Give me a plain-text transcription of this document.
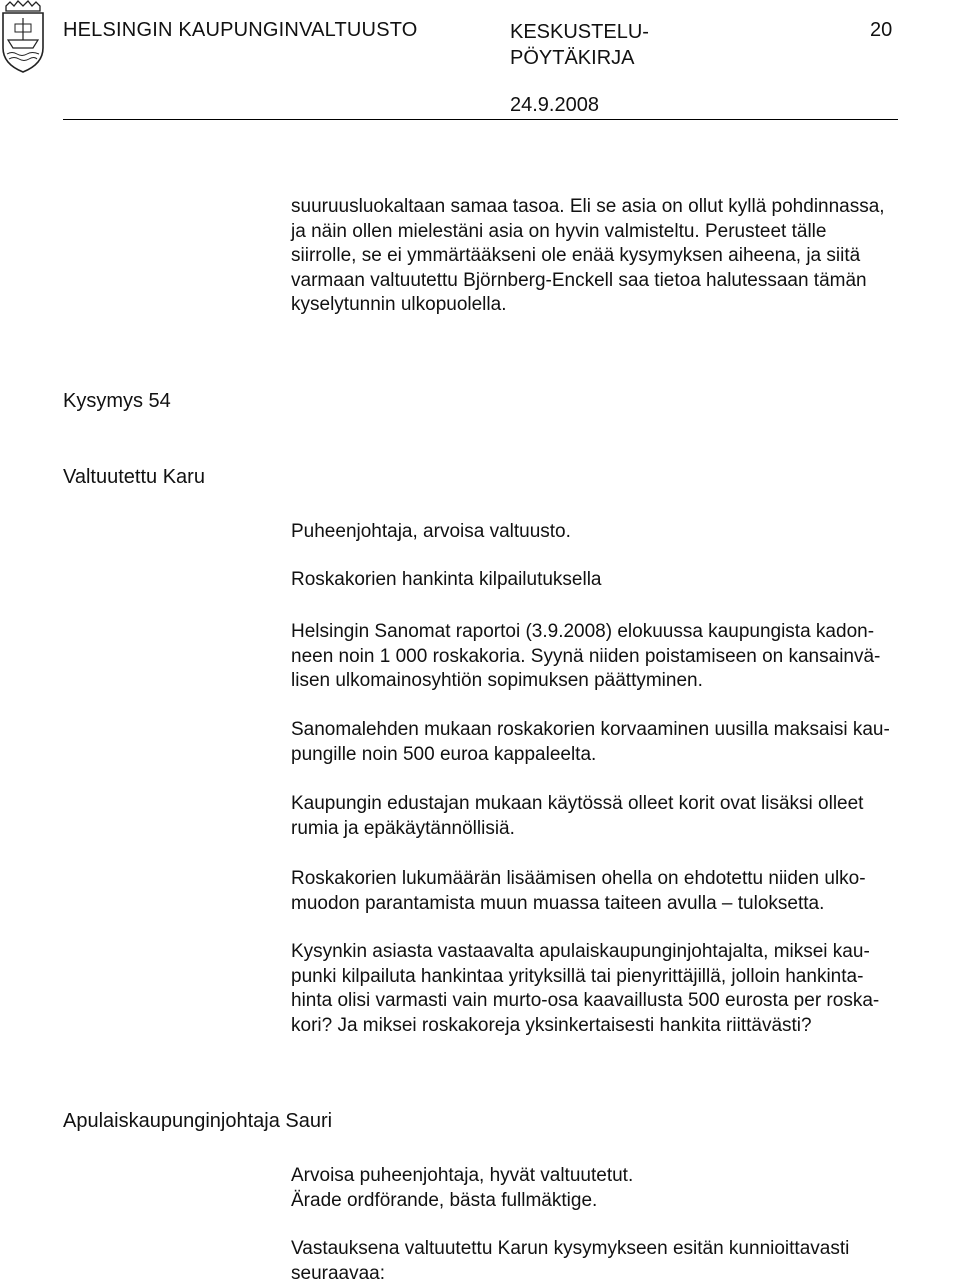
HELSINGIN KAUPUNGINVALTUUSTO	KESKUSTELU-
PÖYTÄKIRJA
20
24.9.2008
suuruusluokaltaan samaa tasoa. Eli se asia on ollut kyllä pohdinnassa,
ja näin ollen mielestäni asia on hyvin valmisteltu. Perusteet tälle
siirrolle, se ei ymmärtääkseni ole enää kysymyksen aiheena, ja siitä
varmaan valtuutettu Björnberg-Enckell saa tietoa halutessaan tämän
kyselytunnin ulkopuolella.
Kysymys 54
Valtuutettu Karu
Puheenjohtaja, arvoisa valtuusto.
Roskakorien hankinta kilpailutuksella
Helsingin Sanomat raportoi (3.9.2008) elokuussa kaupungista kadon-
neen noin 1 000 roskakoria. Syynä niiden poistamiseen on kansainvä-
lisen ulkomainosyhtiön sopimuksen päättyminen.
Sanomalehden mukaan roskakorien korvaaminen uusilla maksaisi kau-
pungille noin 500 euroa kappaleelta.
Kaupungin edustajan mukaan käytössä olleet korit ovat lisäksi olleet
rumia ja epäkäytännöllisiä.
Roskakorien lukumäärän lisäämisen ohella on ehdotettu niiden ulko-
muodon parantamista muun muassa taiteen avulla – tuloksetta.
Kysynkin asiasta vastaavalta apulaiskaupunginjohtajalta, miksei kau-
punki kilpailuta hankintaa yrityksillä tai pienyrittäjillä, jolloin hankinta-
hinta olisi varmasti vain murto-osa kaavaillusta 500 eurosta per roska-
kori? Ja miksei roskakoreja yksinkertaisesti hankita riittävästi?
Apulaiskaupunginjohtaja Sauri
Arvoisa puheenjohtaja, hyvät valtuutetut.
Ärade ordförande, bästa fullmäktige.
Vastauksena valtuutettu Karun kysymykseen esitän kunnioittavasti
seuraavaa:
